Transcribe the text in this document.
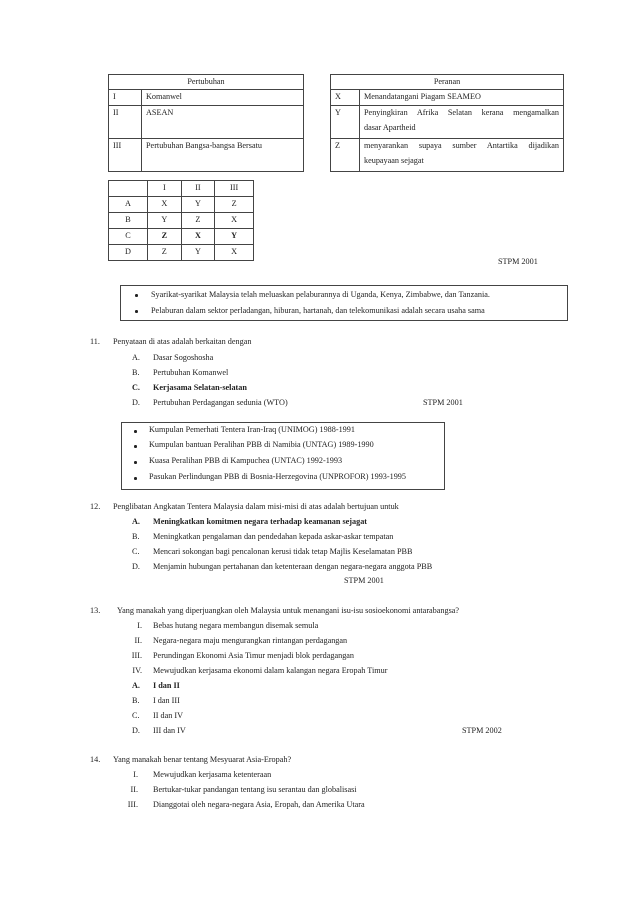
Pertubuhan	
I	Komanwel
II	ASEAN
III	Pertubuhan Bangsa-bangsa Bersatu
Peranan	
X	Menandatangani Piagam SEAMEO
Y	Penyingkiran Afrika Selatan kerana mengamalkan
dasar Apartheid

Z	menyarankan supaya sumber Antartika dijadikan
keupayaan sejagat
	I	II	III
A	X	Y	Z
B	Y	Z	X
C	Z	X	Y
D	Z	Y	X
STPM 2001
Syarikat-syarikat Malaysia telah meluaskan pelaburannya di Uganda, Kenya, Zimbabwe, dan Tanzania.
Pelaburan dalam sektor perladangan, hiburan, hartanah, dan telekomunikasi adalah secara usaha sama
11. Penyataan di atas adalah berkaitan dengan
A. Dasar Sogoshosha
B. Pertubuhan Komanwel
C. Kerjasama Selatan-selatan
D. Pertubuhan Perdagangan sedunia (WTO)	STPM 2001
Kumpulan Pemerhati Tentera Iran-Iraq (UNIMOG) 1988-1991
Kumpulan bantuan Peralihan PBB di Namibia (UNTAG) 1989-1990
Kuasa Peralihan PBB di Kampuchea (UNTAC) 1992-1993
Pasukan Perlindungan PBB di Bosnia-Herzegovina (UNPROFOR) 1993-1995
12. Penglibatan Angkatan Tentera Malaysia dalam misi-misi di atas adalah bertujuan untuk
A. Meningkatkan komitmen negara terhadap keamanan sejagat
B. Meningkatkan pengalaman dan pendedahan kepada askar-askar tempatan
C. Mencari sokongan bagi pencalonan kerusi tidak tetap Majlis Keselamatan PBB
D. Menjamin hubungan pertahanan dan ketenteraan dengan negara-negara anggota PBB
STPM 2001
13. Yang manakah yang diperjuangkan oleh Malaysia untuk menangani isu-isu sosioekonomi antarabangsa?
I. Bebas hutang negara membangun disemak semula
II. Negara-negara maju mengurangkan rintangan perdagangan
III. Perundingan Ekonomi Asia Timur menjadi blok perdagangan
IV. Mewujudkan kerjasama ekonomi dalam kalangan negara Eropah Timur
A. I dan II
B. I dan III
C. II dan IV
D. III dan IV	STPM 2002
14. Yang manakah benar tentang Mesyuarat Asia-Eropah?
I. Mewujudkan kerjasama ketenteraan
II. Bertukar-tukar pandangan tentang isu serantau dan globalisasi
III. Dianggotai oleh negara-negara Asia, Eropah, dan Amerika Utara
